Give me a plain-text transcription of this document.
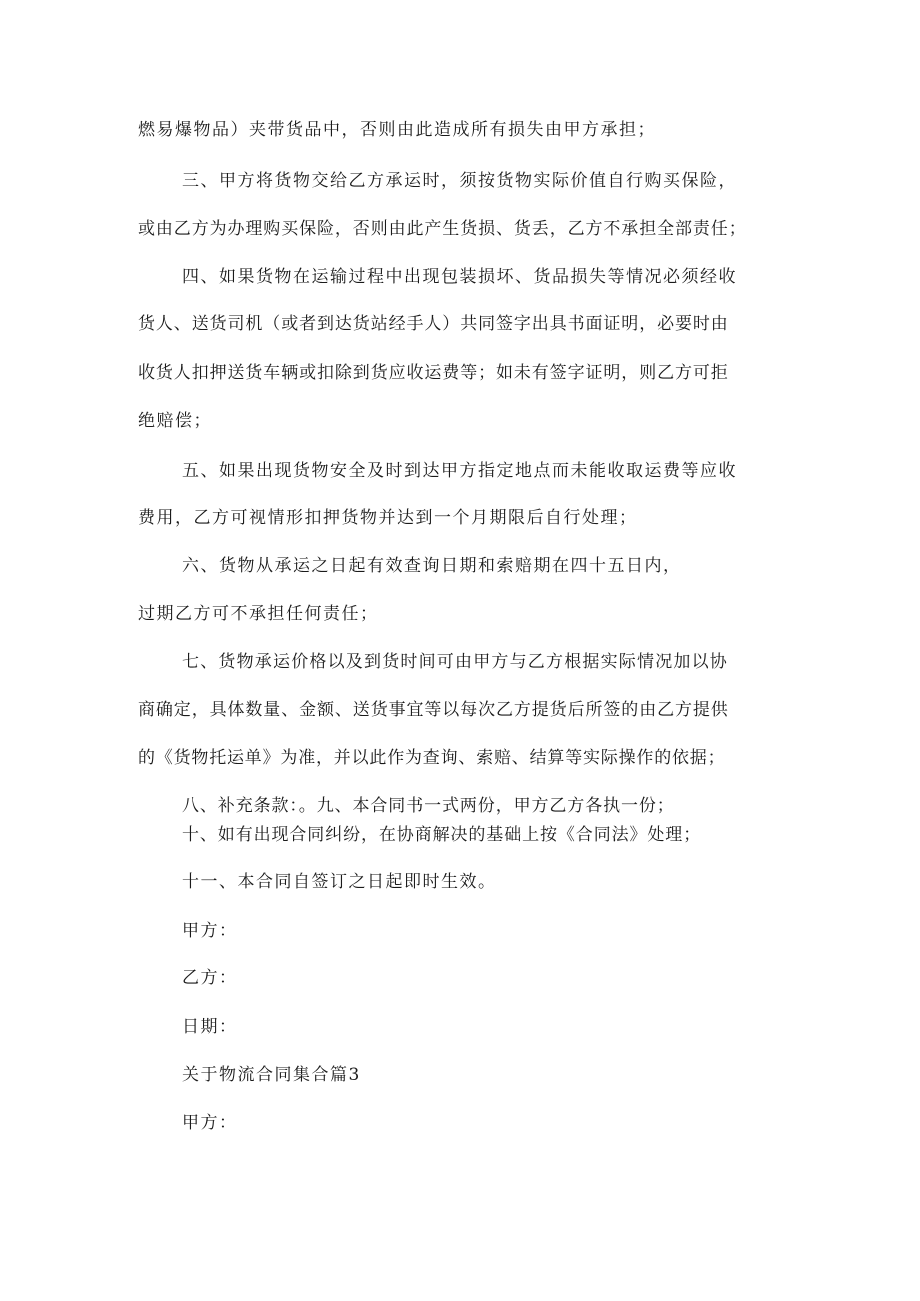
燃易爆物品）夹带货品中，否则由此造成所有损失由甲方承担；
三、甲方将货物交给乙方承运时，须按货物实际价值自行购买保险，
或由乙方为办理购买保险，否则由此产生货损、货丢，乙方不承担全部责任；
四、如果货物在运输过程中出现包装损坏、货品损失等情况必须经收
货人、送货司机（或者到达货站经手人）共同签字出具书面证明，必要时由
收货人扣押送货车辆或扣除到货应收运费等；如未有签字证明，则乙方可拒
绝赔偿；
五、如果出现货物安全及时到达甲方指定地点而未能收取运费等应收
费用，乙方可视情形扣押货物并达到一个月期限后自行处理；
六、货物从承运之日起有效查询日期和索赔期在四十五日内，
过期乙方可不承担任何责任；
七、货物承运价格以及到货时间可由甲方与乙方根据实际情况加以协
商确定，具体数量、金额、送货事宜等以每次乙方提货后所签的由乙方提供
的《货物托运单》为准，并以此作为查询、索赔、结算等实际操作的依据；
八、补充条款：。九、本合同书一式两份，甲方乙方各执一份；
十、如有出现合同纠纷，在协商解决的基础上按《合同法》处理；
十一、本合同自签订之日起即时生效。
甲方：
乙方：
日期：
关于物流合同集合篇3
甲方：
